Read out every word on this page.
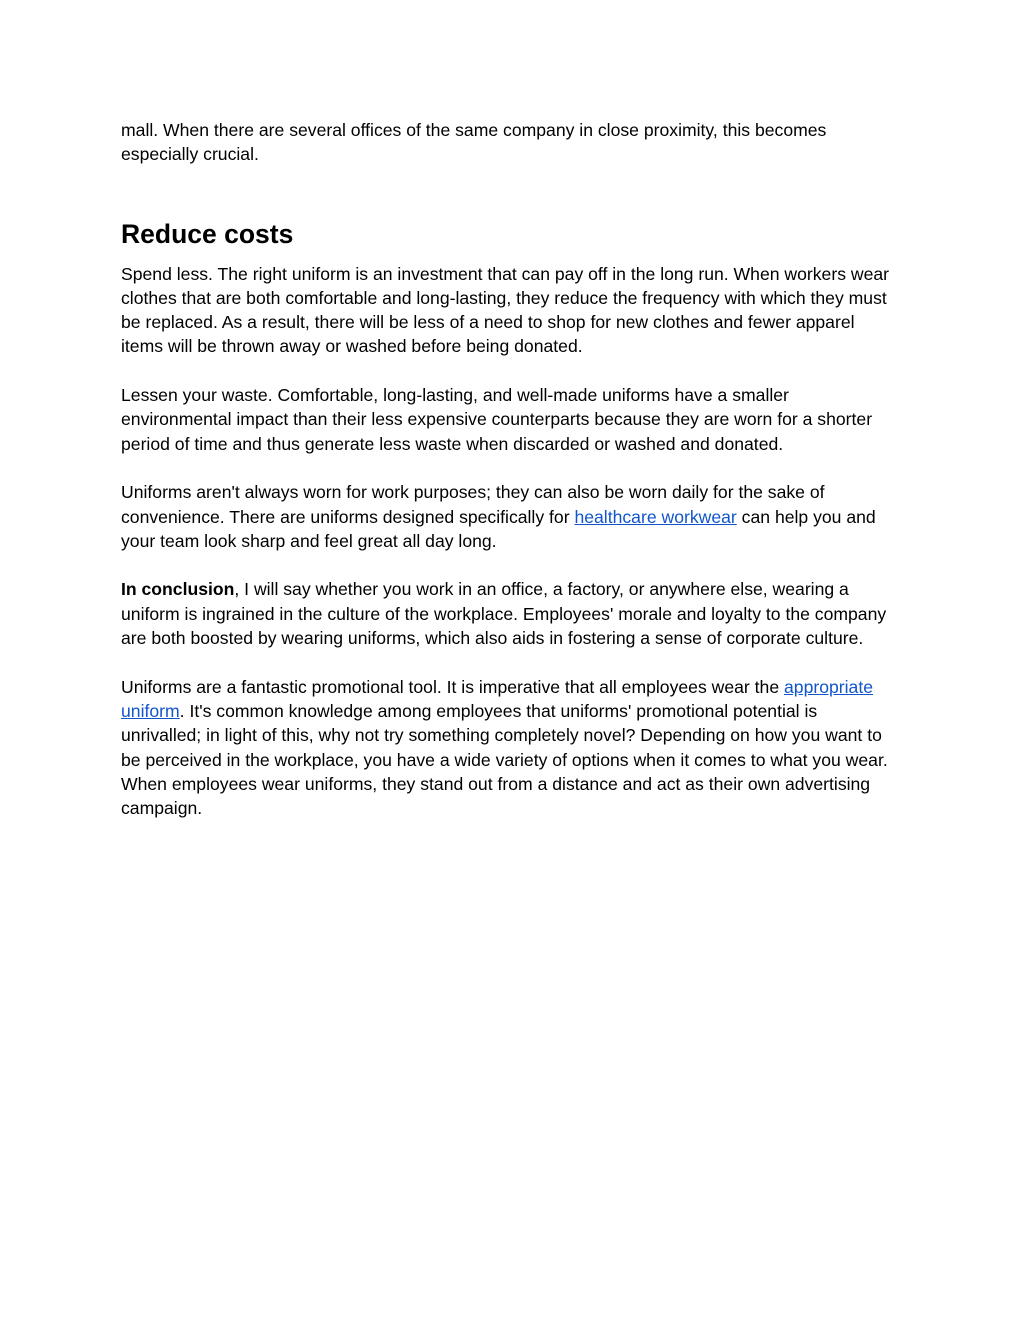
mall. When there are several offices of the same company in close proximity, this becomes especially crucial.

Reduce costs

Spend less. The right uniform is an investment that can pay off in the long run. When workers wear clothes that are both comfortable and long-lasting, they reduce the frequency with which they must be replaced. As a result, there will be less of a need to shop for new clothes and fewer apparel items will be thrown away or washed before being donated.

Lessen your waste. Comfortable, long-lasting, and well-made uniforms have a smaller environmental impact than their less expensive counterparts because they are worn for a shorter period of time and thus generate less waste when discarded or washed and donated.

Uniforms aren't always worn for work purposes; they can also be worn daily for the sake of convenience. There are uniforms designed specifically for healthcare workwear can help you and your team look sharp and feel great all day long.

In conclusion, I will say whether you work in an office, a factory, or anywhere else, wearing a uniform is ingrained in the culture of the workplace. Employees' morale and loyalty to the company are both boosted by wearing uniforms, which also aids in fostering a sense of corporate culture.

Uniforms are a fantastic promotional tool. It is imperative that all employees wear the appropriate uniform. It's common knowledge among employees that uniforms' promotional potential is unrivalled; in light of this, why not try something completely novel? Depending on how you want to be perceived in the workplace, you have a wide variety of options when it comes to what you wear. When employees wear uniforms, they stand out from a distance and act as their own advertising campaign.
